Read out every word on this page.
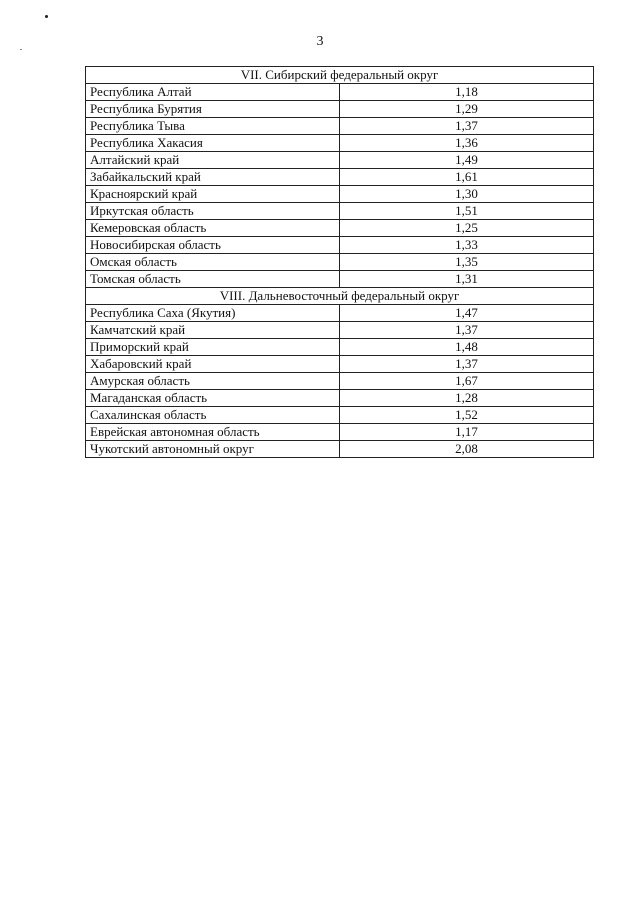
3
VII. Сибирский федеральный округ	
Республика Алтай	1,18
Республика Бурятия	1,29
Республика Тыва	1,37
Республика Хакасия	1,36
Алтайский край	1,49
Забайкальский край	1,61
Красноярский край	1,30
Иркутская область	1,51
Кемеровская область	1,25
Новосибирская область	1,33
Омская область	1,35
Томская область	1,31
VIII. Дальневосточный федеральный округ	
Республика Саха (Якутия)	1,47
Камчатский край	1,37
Приморский край	1,48
Хабаровский край	1,37
Амурская область	1,67
Магаданская область	1,28
Сахалинская область	1,52
Еврейская автономная область	1,17
Чукотский автономный округ	2,08
